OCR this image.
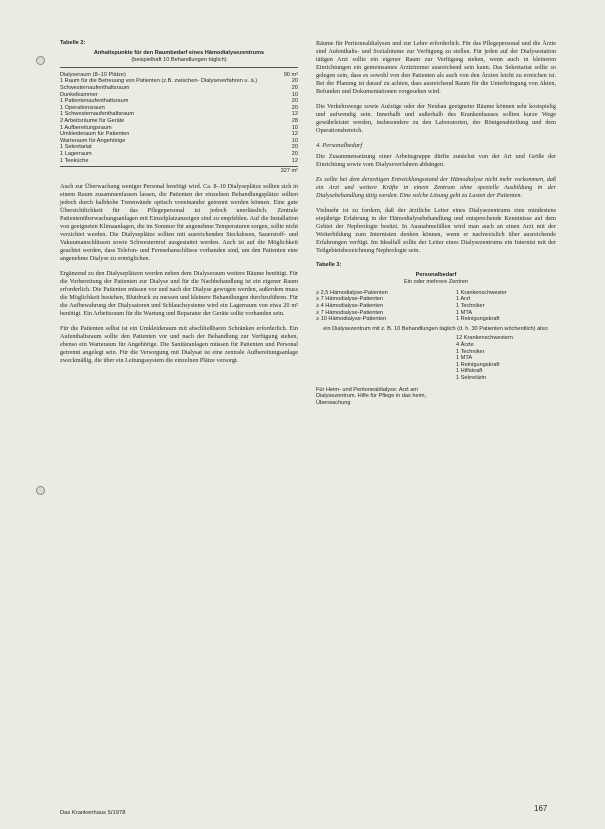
Tabelle 2:
Anhaltspunkte für den Raumbedarf eines Hämodialysezentrums
(beispielhaft 10 Behandlungen täglich)
Dialyseraum (8–10 Plätze)	90 m²
1 Raum für die Betreuung von Patienten (z.B. zwischen- Dialyseverfahren u. ä.)	20
Schwesternaufenthaltsraum	20
Dunkelkammer	10
1 Patientenaufenthaltsraum	20
1 Operationsraum	20
1 Schwesternaufenthaltsraum	12
2 Arbeitsräume für Geräte	28
1 Aufbereitungsraum	10
Umkleideraum für Patienten	12
Warteraum für Angehörige	10
1 Sekretariat	20
1 Lagerraum	20
1 Teeküche	12
327 m²

Auch zur Überwachung weniger Personal benötigt wird. Ca. 8–10 Dialyseplätze sollten sich in einem Raum zusammenfassen lassen, die Patienten der einzelnen Behandlungsplätze sollten jedoch durch halbhohe Trennwände optisch voneinander getrennt werden können. Eine gute Übersichtlichkeit für das Pflegepersonal ist jedoch unerlässlich. Zentrale Patientenüberwachungsanlagen mit Einzelplatzanzeigen sind zu empfehlen. Auf die Installation von geeigneten Klimaanlagen, die im Sommer für angenehme Temperaturen sorgen, sollte nicht verzichtet werden. Die Dialyseplätze sollten mit ausreichenden Steckdosen, Sauerstoff- und Vakuumanschlüssen sowie Schwesternruf ausgestattet werden. Auch ist auf die Möglichkeit geachtet werden, dass Telefon- und Fernsehanschlüsse vorhanden sind, um den Patienten eine angenehme Dialyse zu ermöglichen.

Ergänzend zu den Dialyseplätzen werden neben dem Dialyseraum weitere Räume benötigt. Für die Vorbereitung der Patienten zur Dialyse und für die Nachbehandlung ist ein eigener Raum erforderlich. Die Patienten müssen vor und nach der Dialyse gewogen werden, außerdem muss die Möglichkeit bestehen, Blutdruck zu messen und kleinere Behandlungen durchzuführen. Für die Aufbewahrung der Dialysatoren und Schlauchsysteme wird ein Lagerraum von etwa 20 m² benötigt. Ein Arbeitsraum für die Wartung und Reparatur der Geräte sollte vorhanden sein.

Für die Patienten selbst ist ein Umkleideraum mit abschließbaren Schränken erforderlich. Ein Aufenthaltsraum sollte den Patienten vor und nach der Behandlung zur Verfügung stehen, ebenso ein Warteraum für Angehörige. Die Sanitäranlagen müssen für Patienten und Personal getrennt angelegt sein. Für die Versorgung mit Dialysat ist eine zentrale Aufbereitungsanlage zweckmäßig, die über ein Leitungssystem die einzelnen Plätze versorgt.

Räume für Peritonealdialysen und zur Lehre erforderlich. Für das Pflegepersonal und die Ärzte sind Aufenthalts- und Sozialräume zur Verfügung zu stellen. Für jeden auf der Dialysestation tätigen Arzt sollte ein eigener Raum zur Verfügung stehen, wenn auch in kleineren Einrichtungen ein gemeinsames Arztzimmer ausreichend sein kann. Das Sekretariat sollte so gelegen sein, dass es sowohl von den Patienten als auch von den Ärzten leicht zu erreichen ist. Bei der Planung ist darauf zu achten, dass ausreichend Raum für die Unterbringung von Akten, Befunden und Dokumentationen vorgesehen wird.

Die Verkehrswege sowie Aufzüge oder der Neubau geeigneter Räume können sehr kostspielig und aufwendig sein. Innerhalb und außerhalb des Krankenhauses sollten kurze Wege gewährleistet werden, insbesondere zu den Laboratorien, der Röntgenabteilung und dem Operationsbereich.

4. Personalbedarf

Die Zusammensetzung einer Arbeitsgruppe dürfte zunächst von der Art und Größe der Einrichtung sowie vom Dialyseverfahren abhängen.

Es sollte bei dem derzeitigen Entwicklungsstand der Hämodialyse nicht mehr vorkommen, daß ein Arzt und weitere Kräfte in einem Zentrum ohne spezielle Ausbildung in der Dialysebehandlung tätig werden. Eine solche Lösung geht zu Lasten der Patienten.

Vielmehr ist zu fordern, daß der ärztliche Leiter eines Dialysezentrums eine mindestens einjährige Erfahrung in der Hämodialysebehandlung und entsprechende Kenntnisse auf dem Gebiet der Nephrologie besitzt. In Ausnahmefällen wird man auch an einen Arzt mit der Weiterbildung zum Internisten denken können, wenn er nachweislich über ausreichende Erfahrungen verfügt. Im Idealfall sollte der Leiter eines Dialysezentrums ein Internist mit der Teilgebietsbezeichnung Nephrologie sein.

Tabelle 3:
Personalbedarf
Ein oder mehrere Zentren
≥ 2,5 Hämodialyse-Patienten	1 Krankenschwester
≥ 7 Hämodialyse-Patienten	1 Arzt
≥ 4 Hämodialyse-Patienten	1 Techniker
≥ 7 Hämodialyse-Patienten	1 MTA
≥ 10 Hämodialyse-Patienten	1 Reinigungskraft
ein Dialysezentrum mit z. B. 10 Behandlungen täglich (d. h. 30 Patienten wöchentlich) also:
12 Krankenschwestern
4 Ärzte
1 Techniker
1 MTA
1 Reinigungskraft
1 Hilfskraft
1 Sekretärin
Für Heim- und Peritonealdialyse: Arzt am Dialysezentrum. Hilfe für Pflege in das heim, Überwachung
Das Krankenhaus 5/1978	167
